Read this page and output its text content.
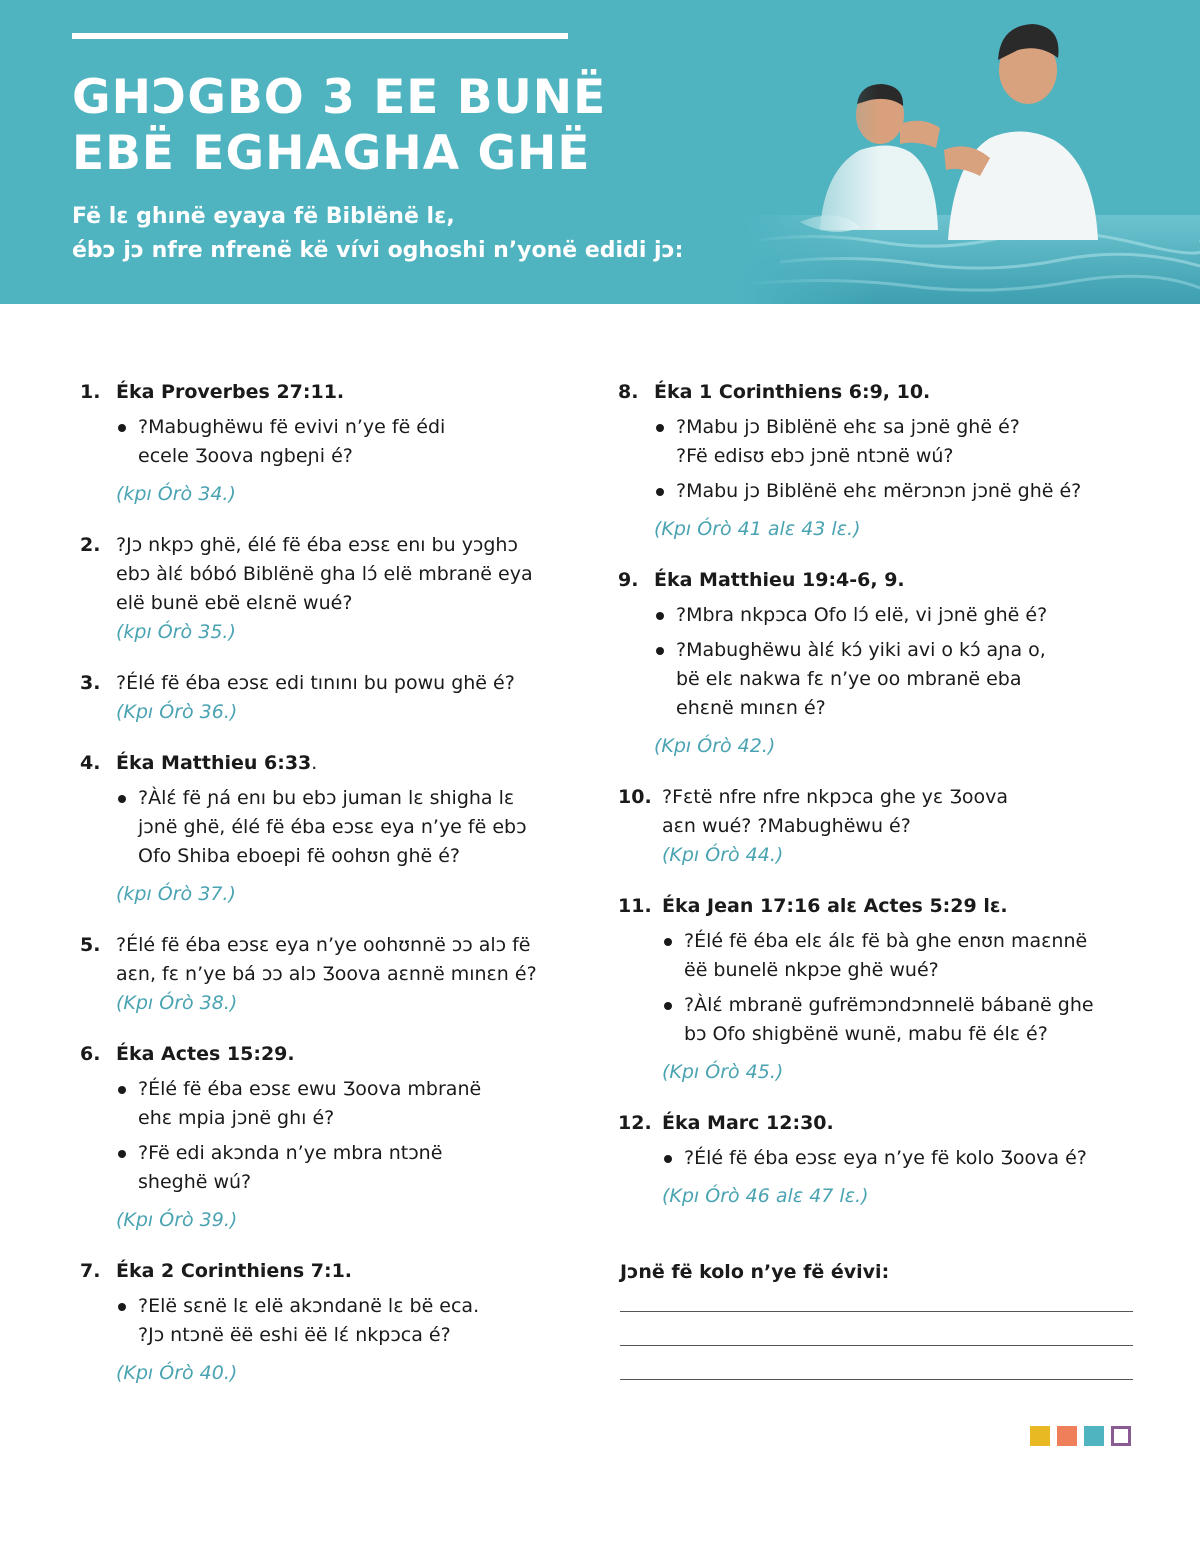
GHƆGBO 3 EE BUNË
EBË EGHAGHA GHË
Fë lɛ ghınë eyaya fë Biblënë lɛ,
ébɔ jɔ nfre nfrenë kë vívi oghoshi n’yonë edidi jɔ:
1. Éka Proverbes 27:11.
?Mabughëwu fë evivi n’ye fë édi
ecele Ʒoova ngbeɲi é?
(kpı Órò 34.)
2. ?Jɔ nkpɔ ghë, élé fë éba eɔsɛ enı bu yɔghɔ
ebɔ àlɛ́ bóbó Biblënë gha lɔ́ elë mbranë eya
elë bunë ebë elɛnë wué?
(kpı Órò 35.)
3. ?Élé fë éba eɔsɛ edi tınını bu powu ghë é?
(Kpı Órò 36.)
4. Éka Matthieu 6:33.
?Àlɛ́ fë ɲá enı bu ebɔ juman lɛ shigha lɛ
jɔnë ghë, élé fë éba eɔsɛ eya n’ye fë ebɔ
Ofo Shiba eboepi fë oohʊn ghë é?
(kpı Órò 37.)
5. ?Élé fë éba eɔsɛ eya n’ye oohʊnnë ɔɔ alɔ fë
aɛn, fɛ n’ye bá ɔɔ alɔ Ʒoova aɛnnë mınɛn é?
(Kpı Órò 38.)
6. Éka Actes 15:29.
?Élé fë éba eɔsɛ ewu Ʒoova mbranë
ehɛ mpia jɔnë ghı é?
?Fë edi akɔnda n’ye mbra ntɔnë
sheghë wú?
(Kpı Órò 39.)
7. Éka 2 Corinthiens 7:1.
?Elë sɛnë lɛ elë akɔndanë lɛ bë eca.
?Jɔ ntɔnë ëë eshi ëë lɛ́ nkpɔca é?
(Kpı Órò 40.)
8. Éka 1 Corinthiens 6:9, 10.
?Mabu jɔ Biblënë ehɛ sa jɔnë ghë é?
?Fë edisʊ ebɔ jɔnë ntɔnë wú?
?Mabu jɔ Biblënë ehɛ mërɔnɔn jɔnë ghë é?
(Kpı Órò 41 alɛ 43 lɛ.)
9. Éka Matthieu 19:4-6, 9.
?Mbra nkpɔca Ofo lɔ́ elë, vi jɔnë ghë é?
?Mabughëwu àlɛ́ kɔ́ yiki avi o kɔ́ aɲa o,
bë elɛ nakwa fɛ n’ye oo mbranë eba
ehɛnë mınɛn é?
(Kpı Órò 42.)
10. ?Fɛtë nfre nfre nkpɔca ghe yɛ Ʒoova
aɛn wué? ?Mabughëwu é?
(Kpı Órò 44.)
11. Éka Jean 17:16 alɛ Actes 5:29 lɛ.
?Élé fë éba elɛ álɛ fë bà ghe enʊn maɛnnë
ëë bunelë nkpɔe ghë wué?
?Àlɛ́ mbranë gufrëmɔndɔnnelë bábanë ghe
bɔ Ofo shigbënë wunë, mabu fë élɛ é?
(Kpı Órò 45.)
12. Éka Marc 12:30.
?Élé fë éba eɔsɛ eya n’ye fë kolo Ʒoova é?
(Kpı Órò 46 alɛ 47 lɛ.)
Jɔnë fë kolo n’ye fë évivi:
